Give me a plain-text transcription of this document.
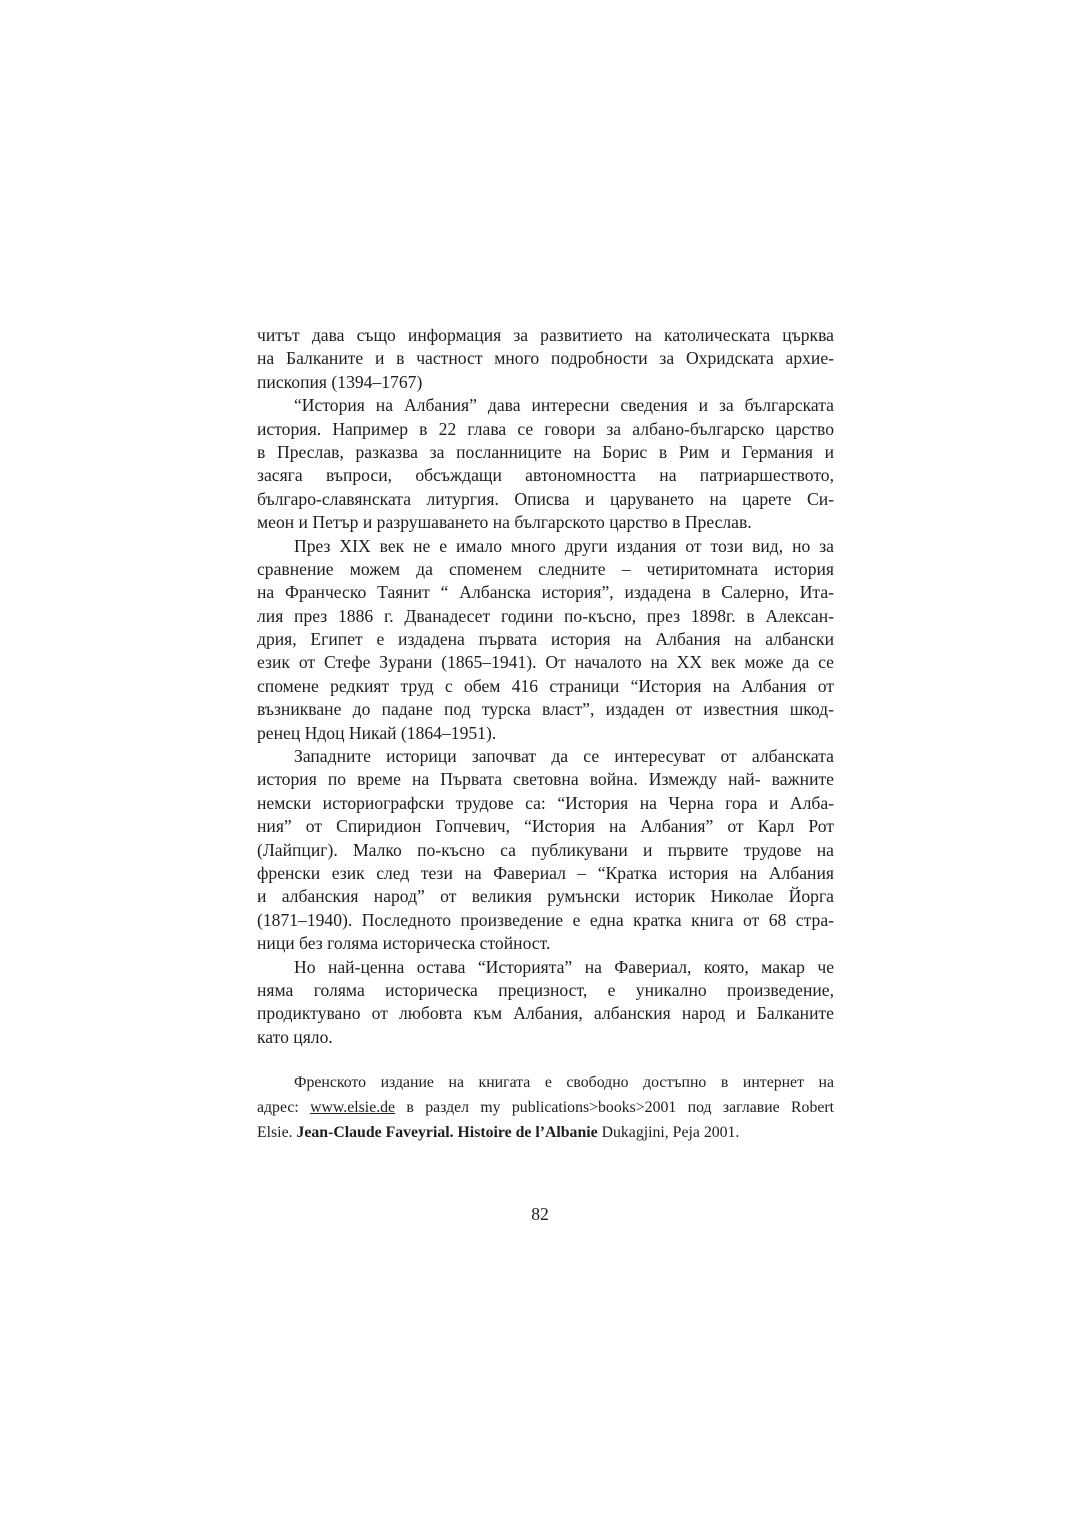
читът дава също информация за развитието на католическата църква
на Балканите и в частност много подробности за Охридската архие-
пископия (1394–1767)
“История на Албания” дава интересни сведения и за българската
история. Например в 22 глава се говори за албано-българско царство
в Преслав, разказва за посланниците на Борис в Рим и Германия и
засяга въпроси, обсъждащи автономността на патриаршеството,
българо-славянската литургия. Описва и царуването на царете Си-
меон и Петър и разрушаването на българското царство в Преслав.
През XIX век не е имало много други издания от този вид, но за
сравнение можем да споменем следните – четиритомната история
на Франческо Таянит “ Албанска история”, издадена в Салерно, Ита-
лия през 1886 г. Дванадесет години по-късно, през 1898г. в Алексан-
дрия, Египет е издадена първата история на Албания на албански
език от Стефе Зурани (1865–1941). От началото на XX век може да се
спомене редкият труд с обем 416 страници “История на Албания от
възникване до падане под турска власт”, издаден от известния шкод-
ренец Ндоц Никай (1864–1951).
Западните историци започват да се интересуват от албанската
история по време на Първата световна война. Измежду най- важните
немски историографски трудове са: “История на Черна гора и Алба-
ния” от Спиридион Гопчевич, “История на Албания” от Карл Рот
(Лайпциг). Малко по-късно са публикувани и първите трудове на
френски език след тези на Фавериал – “Кратка история на Албания
и албанския народ” от великия румънски историк Николае Йорга
(1871–1940). Последното произведение е една кратка книга от 68 стра-
ници без голяма историческа стойност.
Но най-ценна остава “Историята” на Фавериал, която, макар че
няма голяма историческа прецизност, е уникално произведение,
продиктувано от любовта към Албания, албанския народ и Балканите
като цяло.
Френското издание на книгата е свободно достъпно в интернет на
адрес: www.elsie.de в раздел my publications>books>2001 под заглавие Robert
Elsie. Jean-Claude Faveyrial. Histoire de l’Albanie Dukagjini, Peja 2001.
82
